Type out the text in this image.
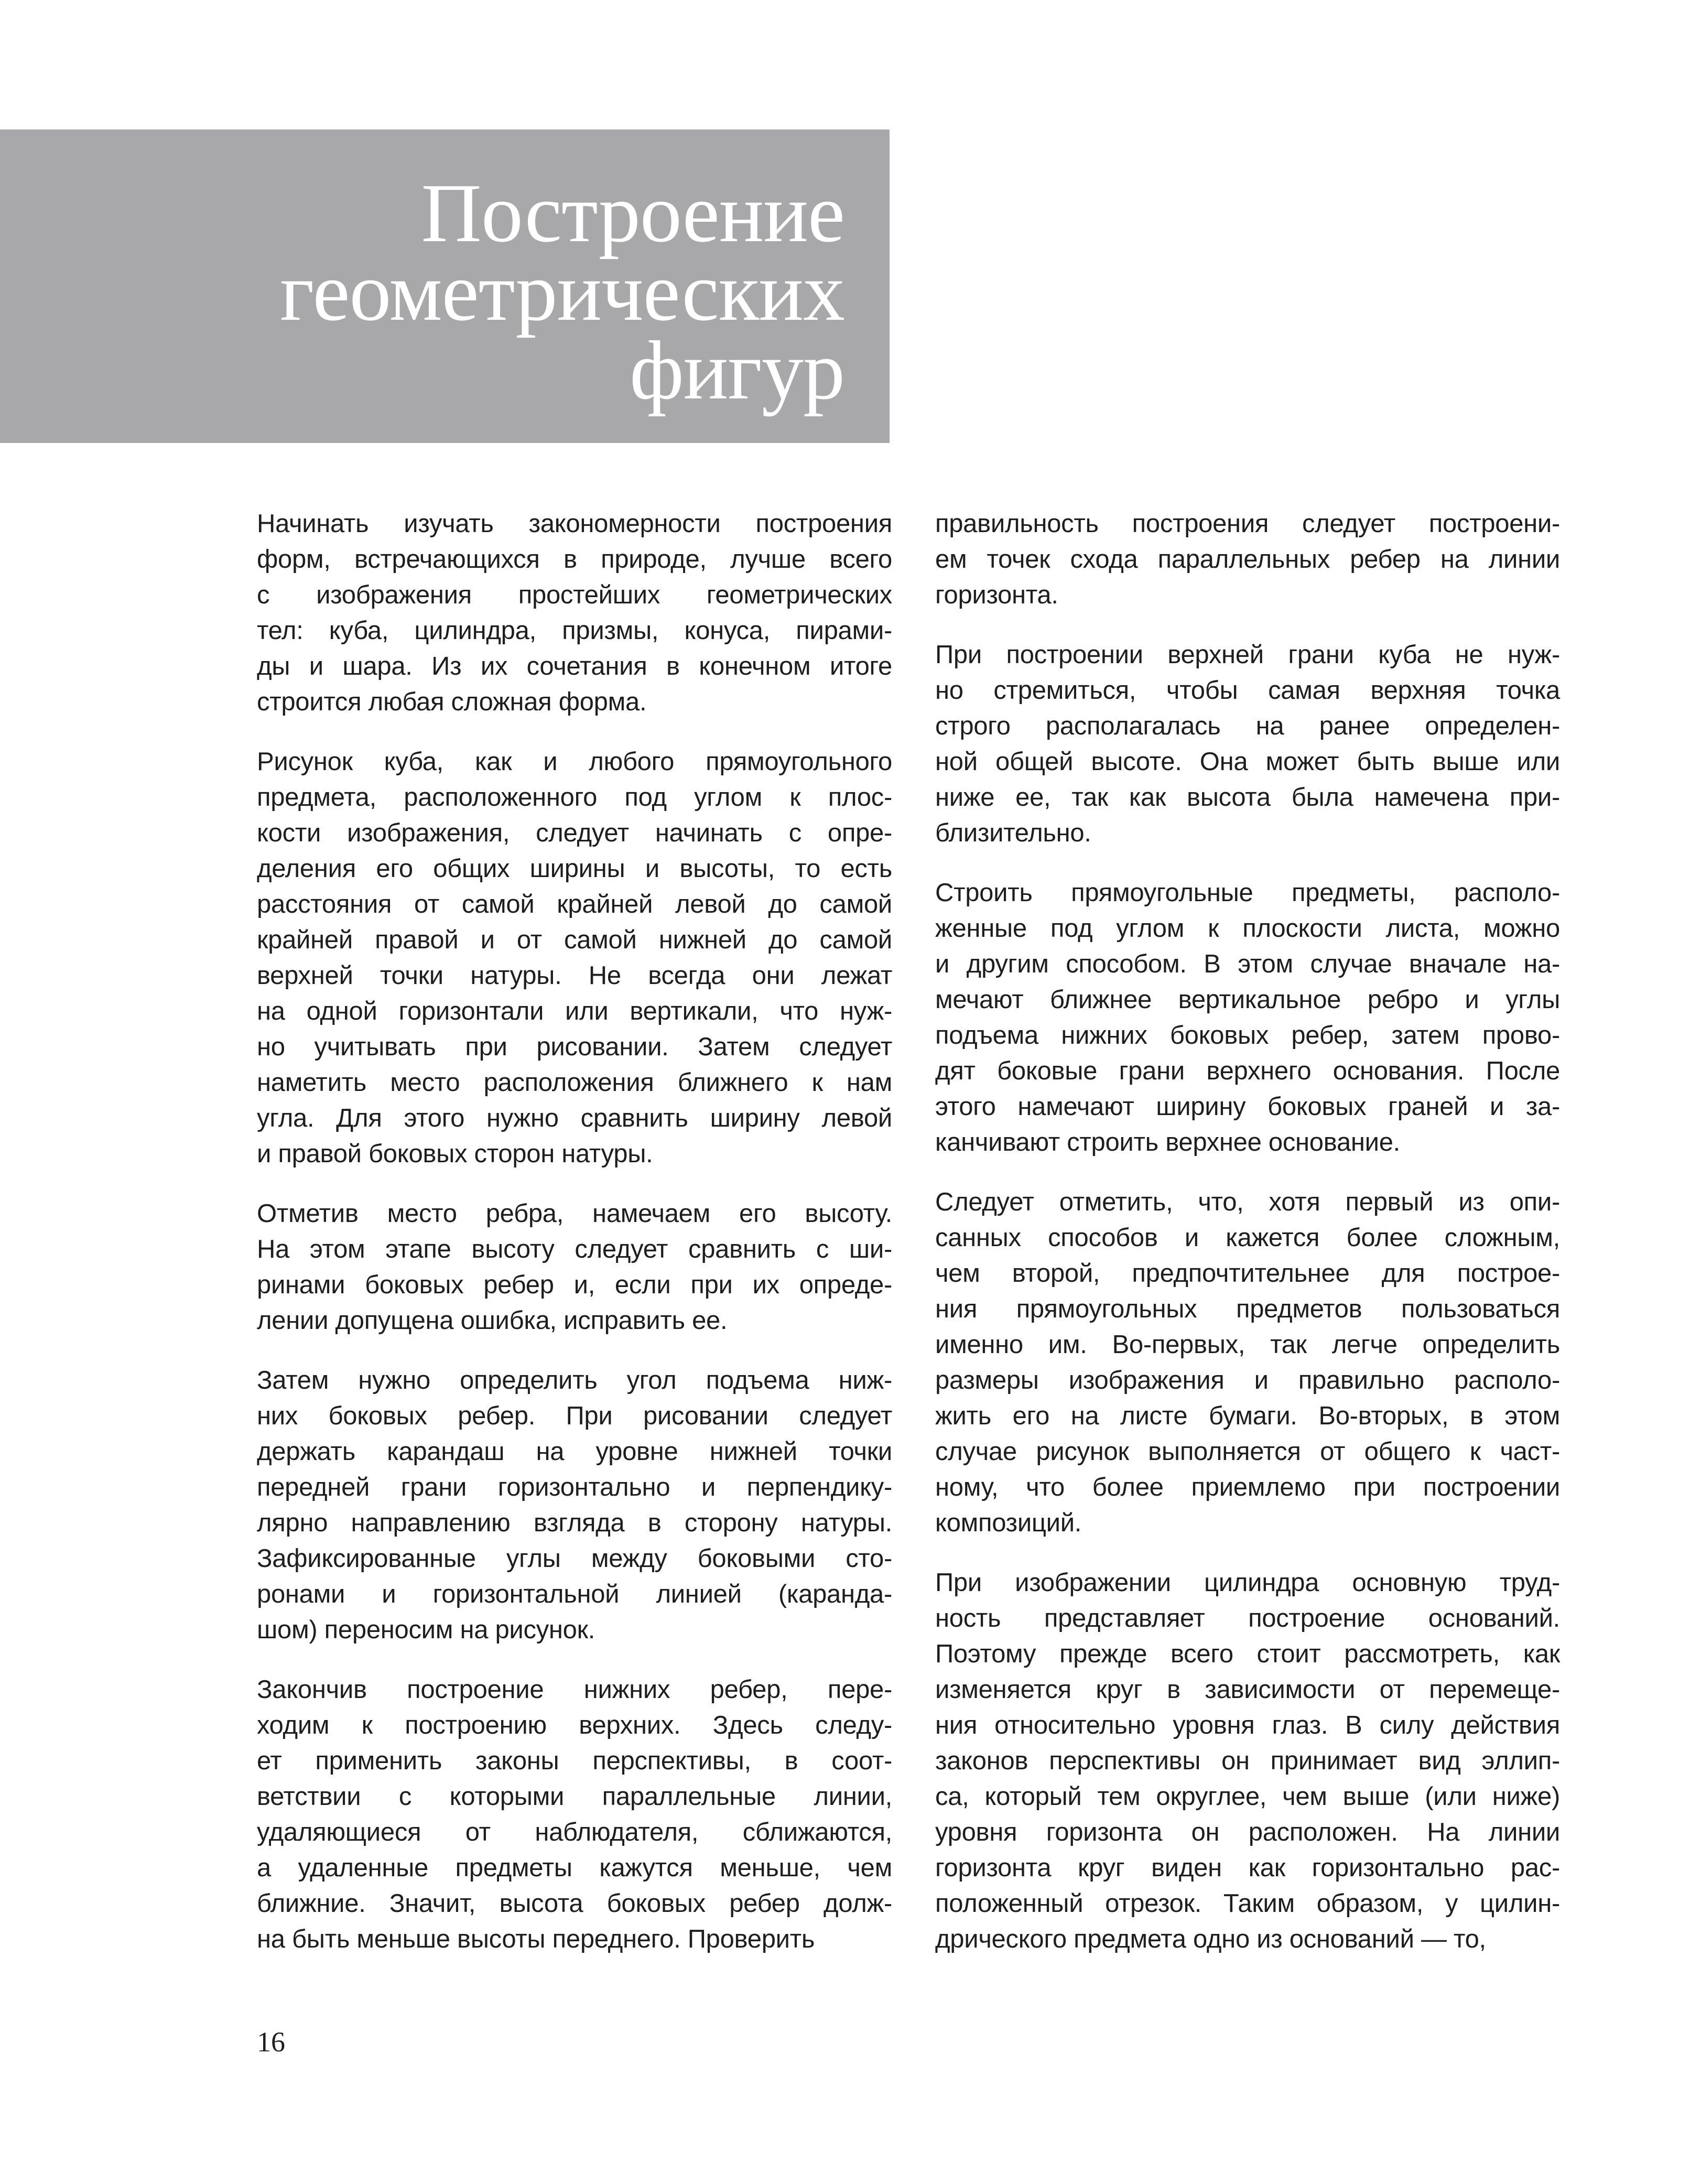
Построение
геометрических
фигур
Начинать изучать закономерности построения
форм, встречающихся в природе, лучше всего
с изображения простейших геометрических
тел: куба, цилиндра, призмы, конуса, пирами-
ды и шара. Из их сочетания в конечном итоге
строится любая сложная форма.
Рисунок куба, как и любого прямоугольного
предмета, расположенного под углом к плос-
кости изображения, следует начинать с опре-
деления его общих ширины и высоты, то есть
расстояния от самой крайней левой до самой
крайней правой и от самой нижней до самой
верхней точки натуры. Не всегда они лежат
на одной горизонтали или вертикали, что нуж-
но учитывать при рисовании. Затем следует
наметить место расположения ближнего к нам
угла. Для этого нужно сравнить ширину левой
и правой боковых сторон натуры.
Отметив место ребра, намечаем его высоту.
На этом этапе высоту следует сравнить с ши-
ринами боковых ребер и, если при их опреде-
лении допущена ошибка, исправить ее.
Затем нужно определить угол подъема ниж-
них боковых ребер. При рисовании следует
держать карандаш на уровне нижней точки
передней грани горизонтально и перпендику-
лярно направлению взгляда в сторону натуры.
Зафиксированные углы между боковыми сто-
ронами и горизонтальной линией (каранда-
шом) переносим на рисунок.
Закончив построение нижних ребер, пере-
ходим к построению верхних. Здесь следу-
ет применить законы перспективы, в соот-
ветствии с которыми параллельные линии,
удаляющиеся от наблюдателя, сближаются,
а удаленные предметы кажутся меньше, чем
ближние. Значит, высота боковых ребер долж-
на быть меньше высоты переднего. Проверить
правильность построения следует построени-
ем точек схода параллельных ребер на линии
горизонта.
При построении верхней грани куба не нуж-
но стремиться, чтобы самая верхняя точка
строго располагалась на ранее определен-
ной общей высоте. Она может быть выше или
ниже ее, так как высота была намечена при-
близительно.
Строить прямоугольные предметы, располо-
женные под углом к плоскости листа, можно
и другим способом. В этом случае вначале на-
мечают ближнее вертикальное ребро и углы
подъема нижних боковых ребер, затем прово-
дят боковые грани верхнего основания. После
этого намечают ширину боковых граней и за-
канчивают строить верхнее основание.
Следует отметить, что, хотя первый из опи-
санных способов и кажется более сложным,
чем второй, предпочтительнее для построе-
ния прямоугольных предметов пользоваться
именно им. Во-первых, так легче определить
размеры изображения и правильно располо-
жить его на листе бумаги. Во-вторых, в этом
случае рисунок выполняется от общего к част-
ному, что более приемлемо при построении
композиций.
При изображении цилиндра основную труд-
ность представляет построение оснований.
Поэтому прежде всего стоит рассмотреть, как
изменяется круг в зависимости от перемеще-
ния относительно уровня глаз. В силу действия
законов перспективы он принимает вид эллип-
са, который тем округлее, чем выше (или ниже)
уровня горизонта он расположен. На линии
горизонта круг виден как горизонтально рас-
положенный отрезок. Таким образом, у цилин-
дрического предмета одно из оснований — то,
16
